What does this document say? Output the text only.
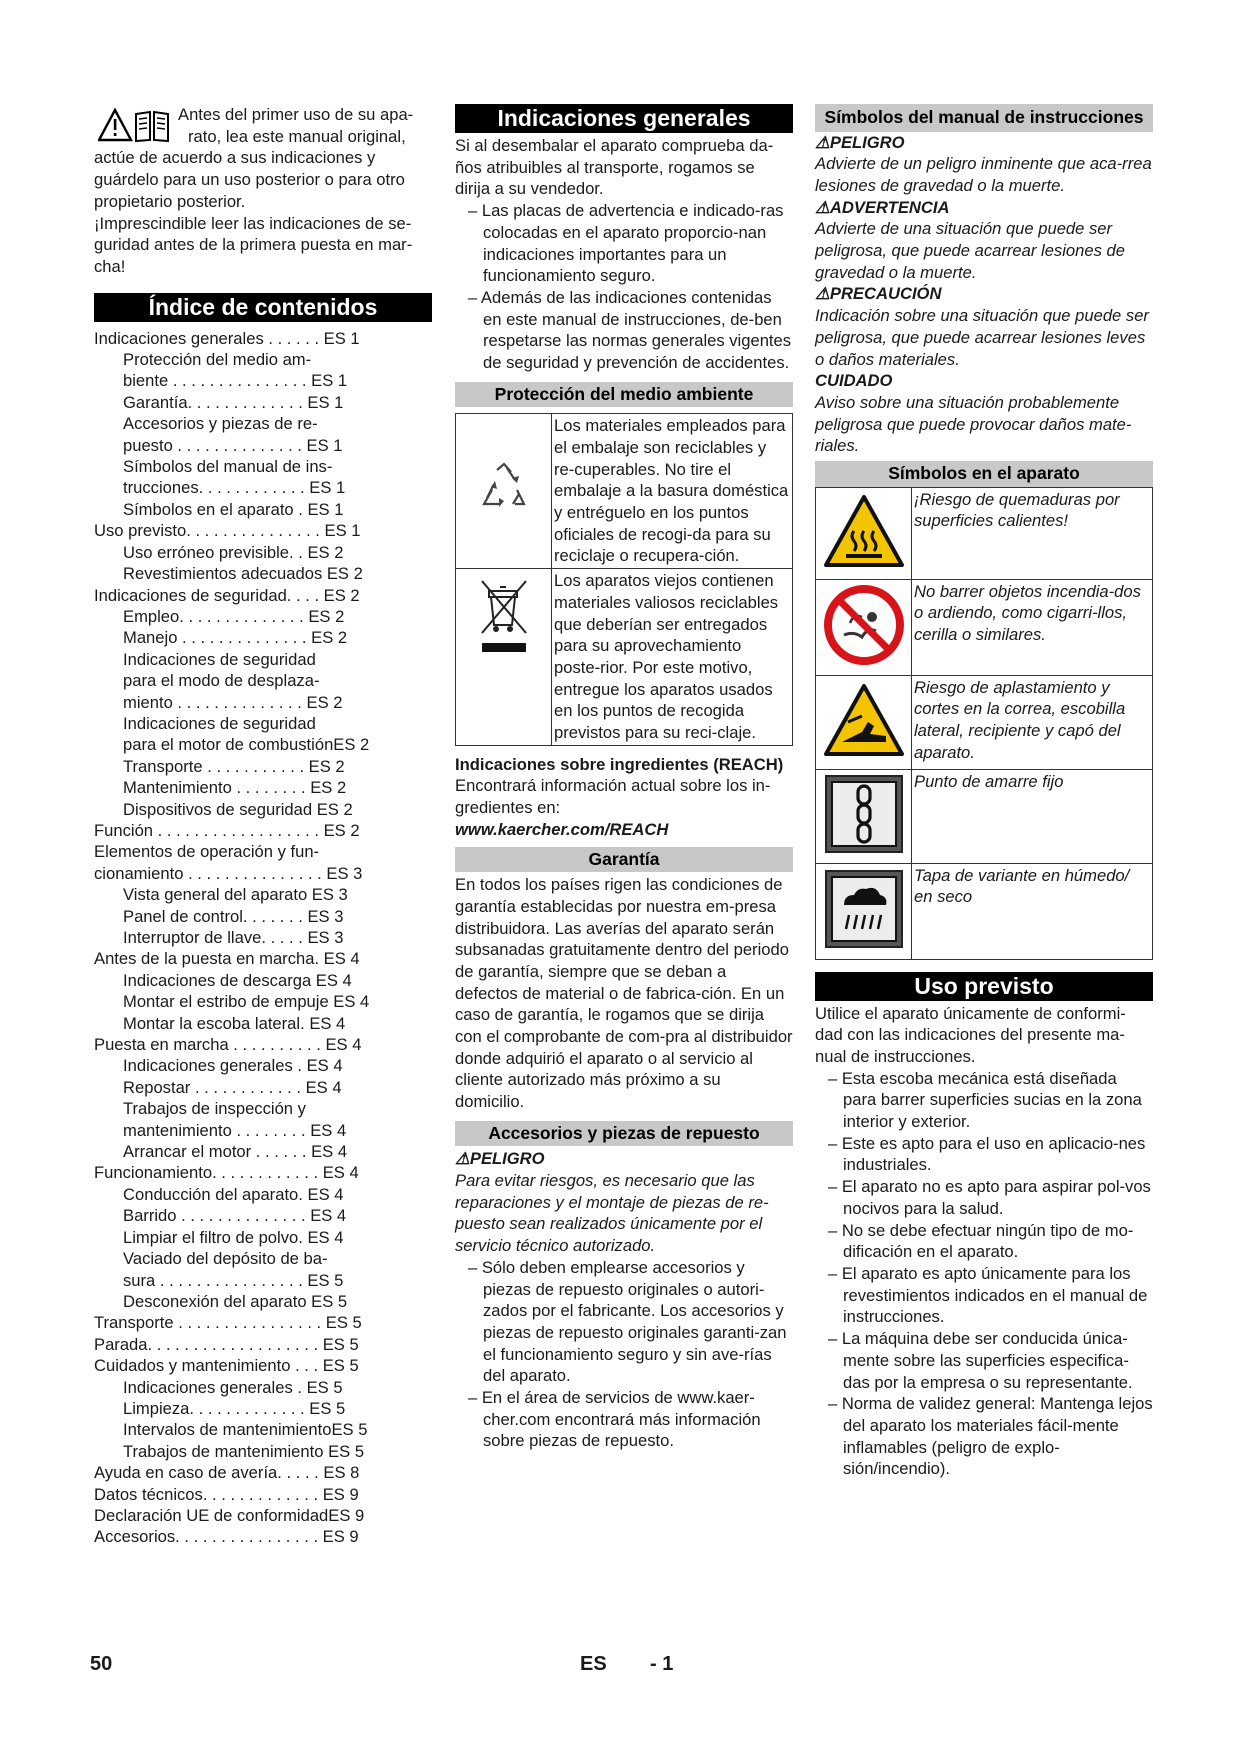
Antes del primer uso de su apa-

rato, lea este manual original,

actúe de acuerdo a sus indicaciones y guárdelo para un uso posterior o para otro propietario posterior.

¡Imprescindible leer las indicaciones de se-guridad antes de la primera puesta en mar-cha!

Índice de contenidos
Indicaciones generales . . . . . . ES 1
Protección del medio am-
biente . . . . . . . . . . . . . . . ES 1
Garantía. . . . . . . . . . . . . ES 1
Accesorios y piezas de re-
puesto . . . . . . . . . . . . . . ES 1
Símbolos del manual de ins-
trucciones. . . . . . . . . . . . ES 1
Símbolos en el aparato . ES 1
Uso previsto. . . . . . . . . . . . . . . ES 1
Uso erróneo previsible. . ES 2
Revestimientos adecuados ES 2
Indicaciones de seguridad. . . . ES 2
Empleo. . . . . . . . . . . . . . ES 2
Manejo . . . . . . . . . . . . . . ES 2
Indicaciones de seguridad
para el modo de desplaza-
miento . . . . . . . . . . . . . . ES 2
Indicaciones de seguridad
para el motor de combustiónES 2
Transporte . . . . . . . . . . . ES 2
Mantenimiento . . . . . . . . ES 2
Dispositivos de seguridad ES 2
Función . . . . . . . . . . . . . . . . . . ES 2
Elementos de operación y fun-
cionamiento . . . . . . . . . . . . . . . ES 3
Vista general del aparato ES 3
Panel de control. . . . . . . ES 3
Interruptor de llave. . . . . ES 3
Antes de la puesta en marcha. ES 4
Indicaciones de descarga ES 4
Montar el estribo de empuje ES 4
Montar la escoba lateral. ES 4
Puesta en marcha . . . . . . . . . . ES 4
Indicaciones generales . ES 4
Repostar . . . . . . . . . . . . ES 4
Trabajos de inspección y
mantenimiento . . . . . . . . ES 4
Arrancar el motor . . . . . . ES 4
Funcionamiento. . . . . . . . . . . . ES 4
Conducción del aparato. ES 4
Barrido . . . . . . . . . . . . . . ES 4
Limpiar el filtro de polvo. ES 4
Vaciado del depósito de ba-
sura . . . . . . . . . . . . . . . . ES 5
Desconexión del aparato ES 5
Transporte . . . . . . . . . . . . . . . . ES 5
Parada. . . . . . . . . . . . . . . . . . . ES 5
Cuidados y mantenimiento . . . ES 5
Indicaciones generales . ES 5
Limpieza. . . . . . . . . . . . . ES 5
Intervalos de mantenimientoES 5
Trabajos de mantenimiento ES 5
Ayuda en caso de avería. . . . . ES 8
Datos técnicos. . . . . . . . . . . . . ES 9
Declaración UE de conformidadES 9
Accesorios. . . . . . . . . . . . . . . . ES 9
Indicaciones generales

Si al desembalar el aparato comprueba da-ños atribuibles al transporte, rogamos se dirija a su vendedor.

– Las placas de advertencia e indicado-ras colocadas en el aparato proporcio-nan indicaciones importantes para un funcionamiento seguro.

– Además de las indicaciones contenidas en este manual de instrucciones, de-ben respetarse las normas generales vigentes de seguridad y prevención de accidentes.

Protección del medio ambiente

Los materiales empleados para el embalaje son reciclables y re-cuperables. No tire el embalaje a la basura doméstica y entréguelo en los puntos oficiales de recogi-da para su reciclaje o recupera-ción.

Los aparatos viejos contienen materiales valiosos reciclables que deberían ser entregados para su aprovechamiento poste-rior. Por este motivo, entregue los aparatos usados en los puntos de recogida previstos para su reci-claje.

Indicaciones sobre ingredientes (REACH)

Encontrará información actual sobre los in-gredientes en:

www.kaercher.com/REACH

Garantía

En todos los países rigen las condiciones de garantía establecidas por nuestra em-presa distribuidora. Las averías del aparato serán subsanadas gratuitamente dentro del periodo de garantía, siempre que se deban a defectos de material o de fabrica-ción. En un caso de garantía, le rogamos que se dirija con el comprobante de com-pra al distribuidor donde adquirió el aparato o al servicio al cliente autorizado más próximo a su domicilio.

Accesorios y piezas de repuesto

⚠PELIGRO

Para evitar riesgos, es necesario que las reparaciones y el montaje de piezas de re-puesto sean realizados únicamente por el servicio técnico autorizado.

– Sólo deben emplearse accesorios y piezas de repuesto originales o autori-zados por el fabricante. Los accesorios y piezas de repuesto originales garanti-zan el funcionamiento seguro y sin ave-rías del aparato.

– En el área de servicios de www.kaer-cher.com encontrará más información sobre piezas de repuesto.

Símbolos del manual de instrucciones

⚠PELIGRO

Advierte de un peligro inminente que aca-rrea lesiones de gravedad o la muerte.

⚠ADVERTENCIA

Advierte de una situación que puede ser peligrosa, que puede acarrear lesiones de gravedad o la muerte.

⚠PRECAUCIÓN

Indicación sobre una situación que puede ser peligrosa, que puede acarrear lesiones leves o daños materiales.

CUIDADO

Aviso sobre una situación probablemente peligrosa que puede provocar daños mate-riales.

Símbolos en el aparato

¡Riesgo de quemaduras por superficies calientes!

No barrer objetos incendia-dos o ardiendo, como cigarri-llos, cerilla o similares.

Riesgo de aplastamiento y cortes en la correa, escobilla lateral, recipiente y capó del aparato.

Punto de amarre fijo

Tapa de variante en húmedo/ en seco

Uso previsto

Utilice el aparato únicamente de conformi-dad con las indicaciones del presente ma-nual de instrucciones.

– Esta escoba mecánica está diseñada para barrer superficies sucias en la zona interior y exterior.

– Este es apto para el uso en aplicacio-nes industriales.

– El aparato no es apto para aspirar pol-vos nocivos para la salud.

– No se debe efectuar ningún tipo de mo-dificación en el aparato.

– El aparato es apto únicamente para los revestimientos indicados en el manual de instrucciones.

– La máquina debe ser conducida única-mente sobre las superficies especifica-das por la empresa o su representante.

– Norma de validez general: Mantenga lejos del aparato los materiales fácil-mente inflamables (peligro de explo-sión/incendio).

50	ES - 1
